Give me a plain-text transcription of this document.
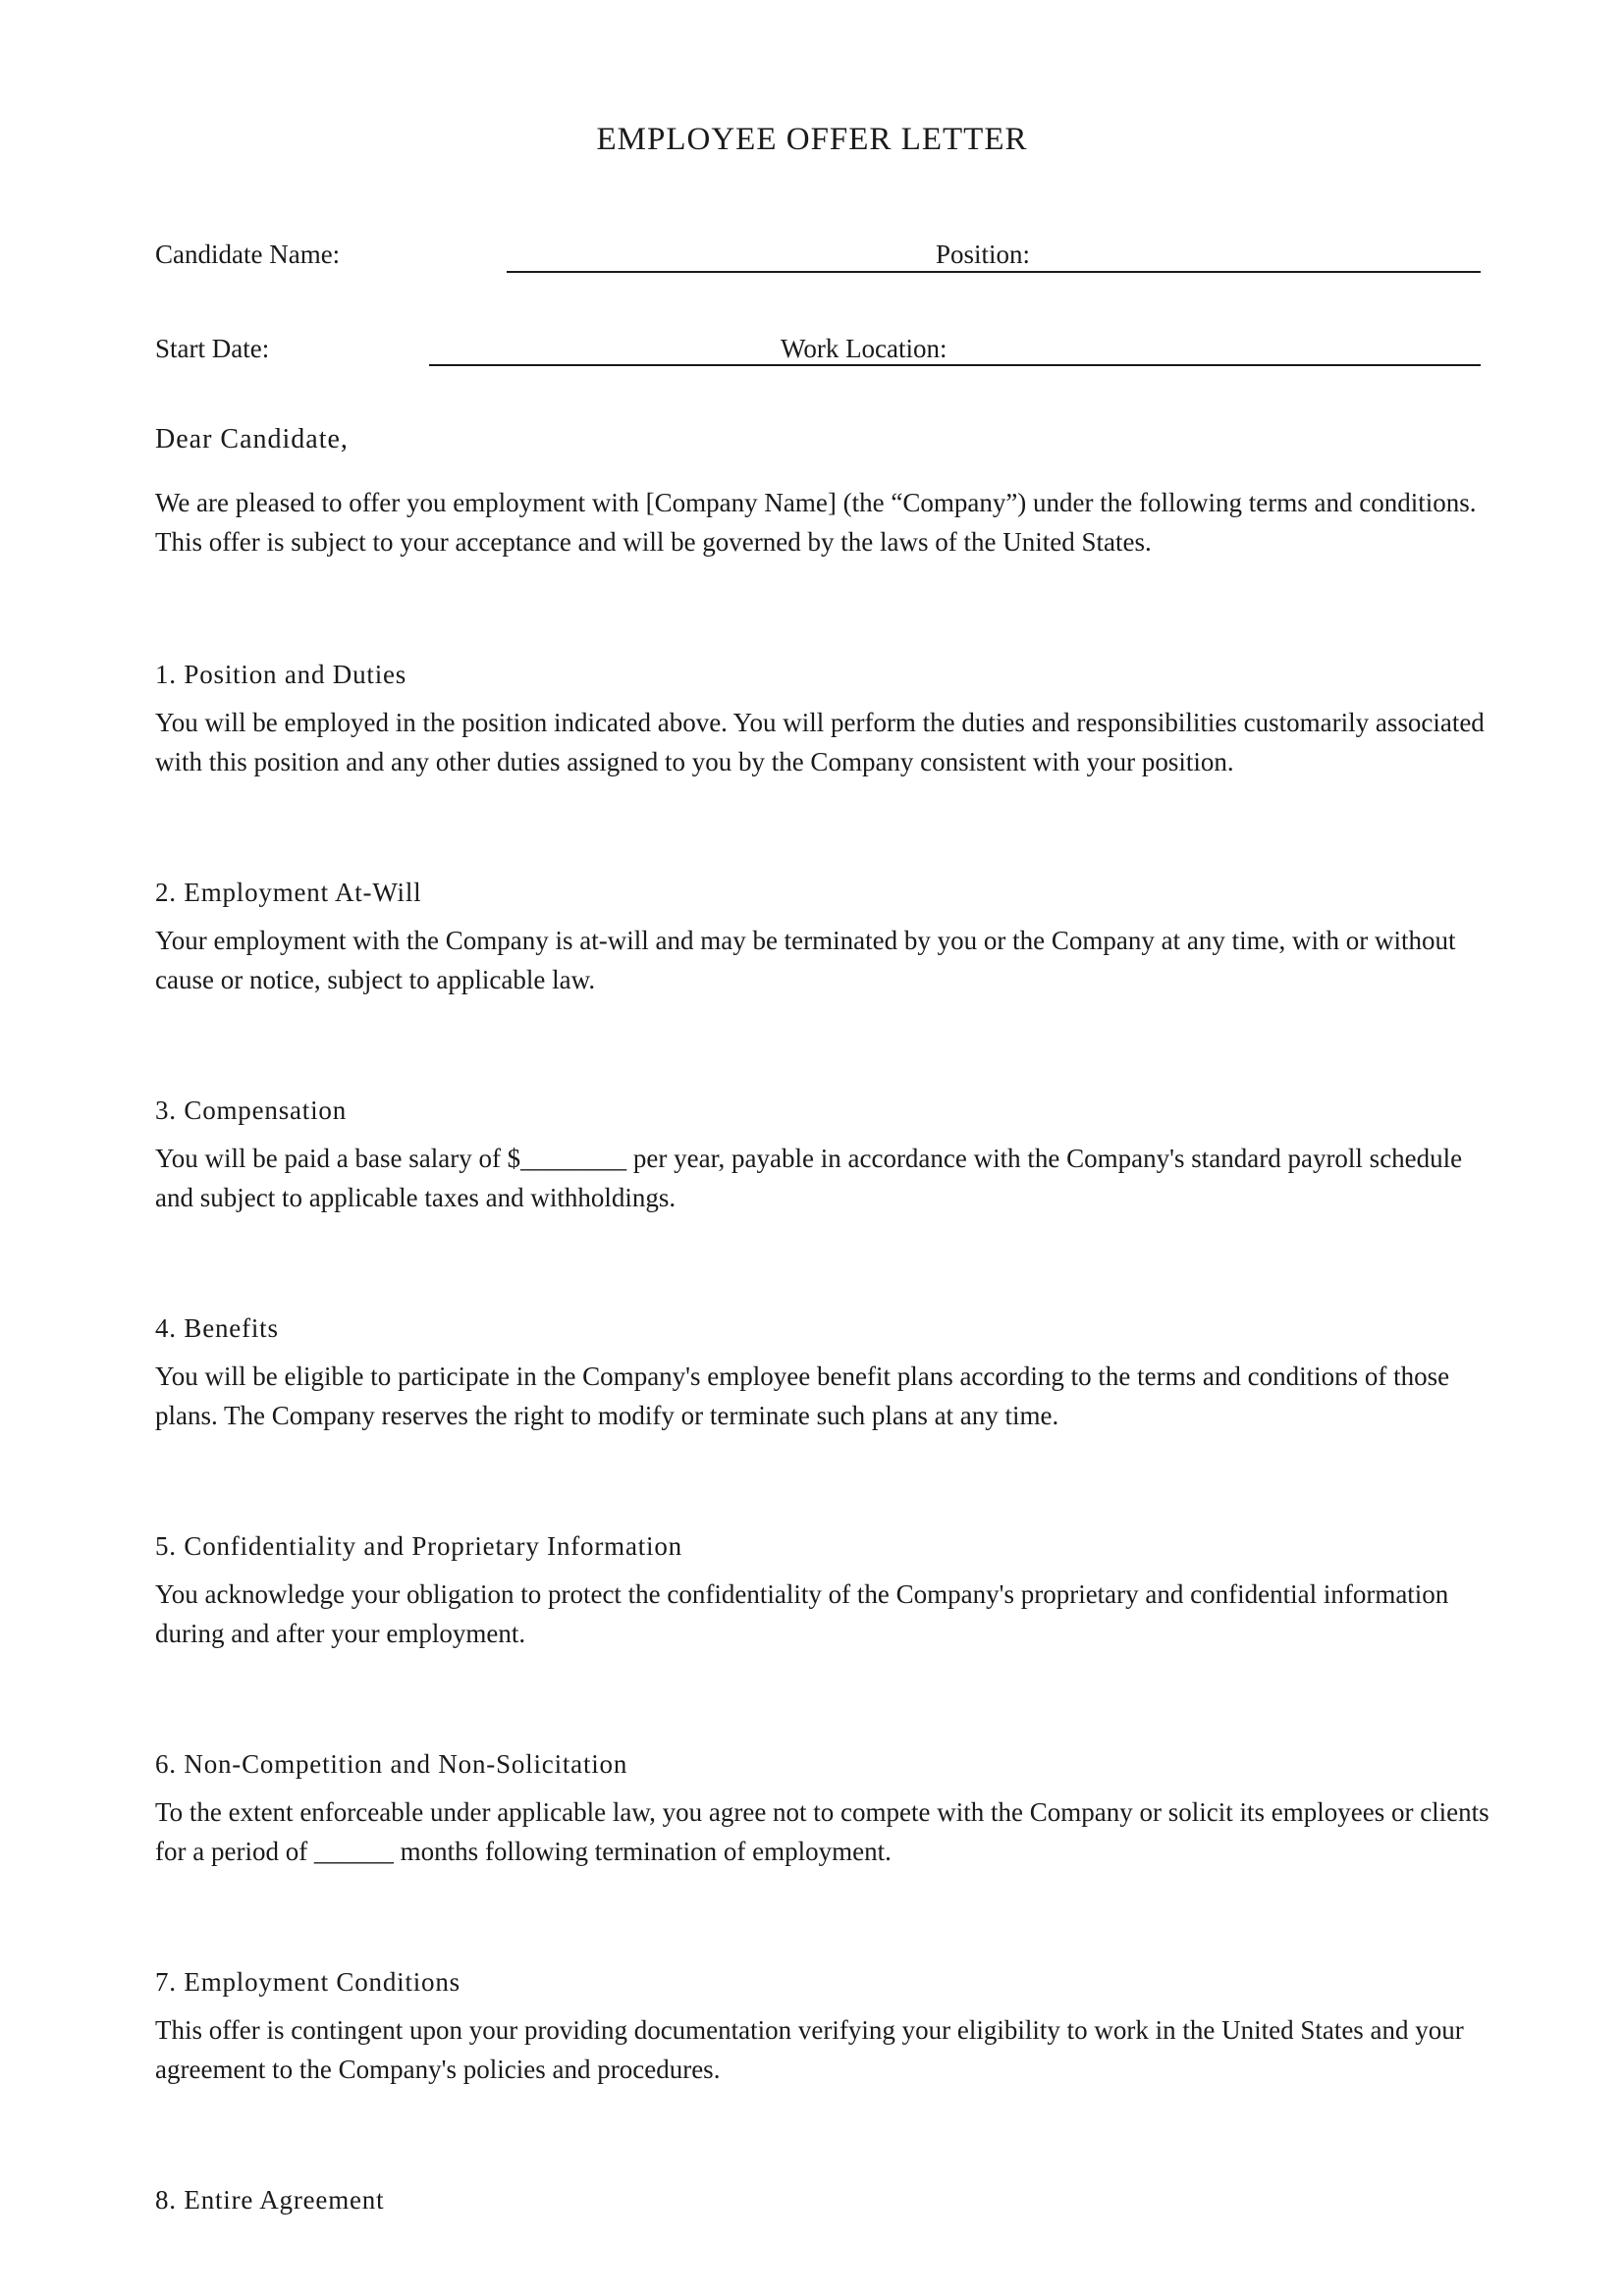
EMPLOYEE OFFER LETTER
Candidate Name:	Position:
Start Date:	Work Location:

Dear Candidate,

We are pleased to offer you employment with [Company Name] (the “Company”) under the following terms and conditions. This offer is subject to your acceptance and will be governed by the laws of the United States.

1. Position and Duties

You will be employed in the position indicated above. You will perform the duties and responsibilities customarily associated with this position and any other duties assigned to you by the Company consistent with your position.

2. Employment At-Will

Your employment with the Company is at-will and may be terminated by you or the Company at any time, with or without cause or notice, subject to applicable law.

3. Compensation

You will be paid a base salary of $________ per year, payable in accordance with the Company's standard payroll schedule and subject to applicable taxes and withholdings.

4. Benefits

You will be eligible to participate in the Company's employee benefit plans according to the terms and conditions of those plans. The Company reserves the right to modify or terminate such plans at any time.

5. Confidentiality and Proprietary Information

You acknowledge your obligation to protect the confidentiality of the Company's proprietary and confidential information during and after your employment.

6. Non-Competition and Non-Solicitation

To the extent enforceable under applicable law, you agree not to compete with the Company or solicit its employees or clients for a period of ______ months following termination of employment.

7. Employment Conditions

This offer is contingent upon your providing documentation verifying your eligibility to work in the United States and your agreement to the Company's policies and procedures.

8. Entire Agreement
